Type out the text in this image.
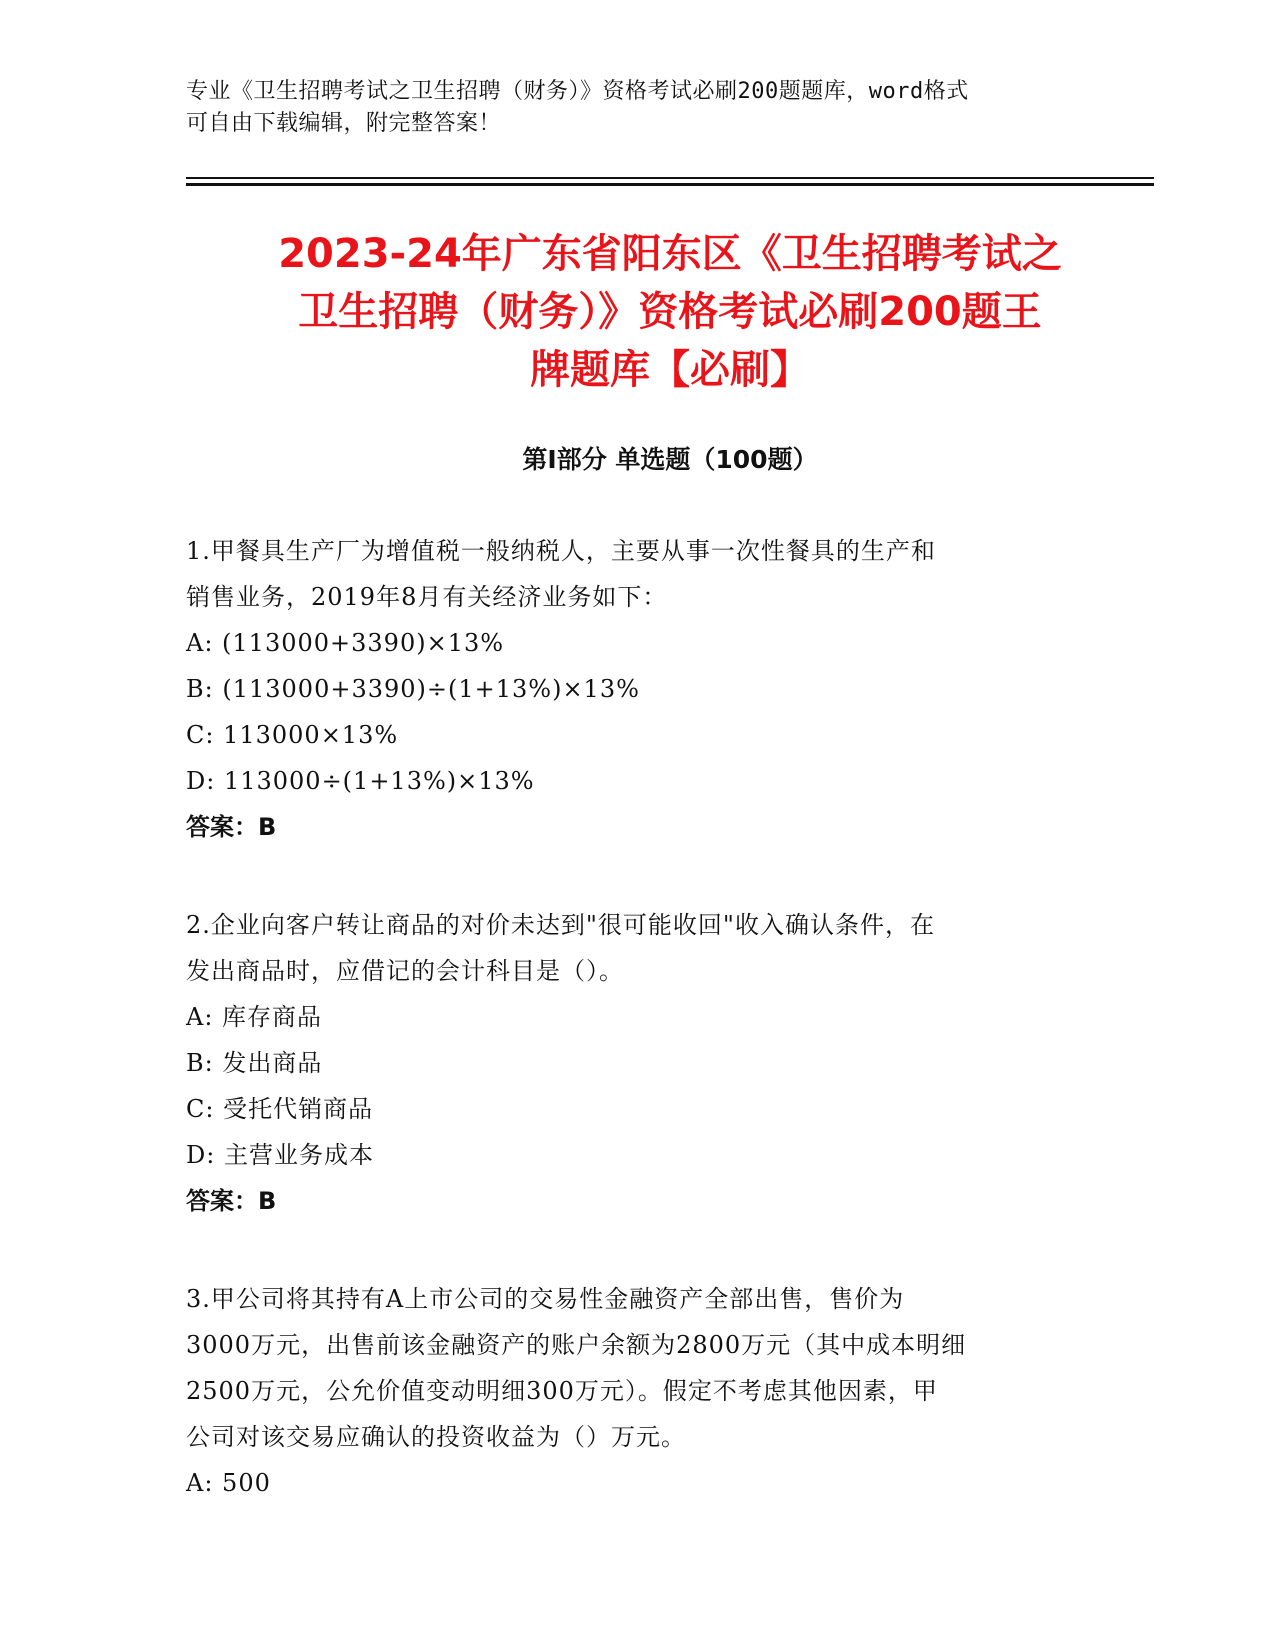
专业《卫生招聘考试之卫生招聘（财务）》资格考试必刷200题题库，word格式
可自由下载编辑，附完整答案！
2023-24年广东省阳东区《卫生招聘考试之
卫生招聘（财务）》资格考试必刷200题王
牌题库【必刷】
第Ⅰ部分 单选题（100题）
1.甲餐具生产厂为增值税一般纳税人，主要从事一次性餐具的生产和
销售业务，2019年8月有关经济业务如下：
A: (113000+3390)×13%
B: (113000+3390)÷(1+13%)×13%
C: 113000×13%
D: 113000÷(1+13%)×13%
答案：B
2.企业向客户转让商品的对价未达到"很可能收回"收入确认条件，在
发出商品时，应借记的会计科目是（）。
A: 库存商品
B: 发出商品
C: 受托代销商品
D: 主营业务成本
答案：B
3.甲公司将其持有A上市公司的交易性金融资产全部出售，售价为
3000万元，出售前该金融资产的账户余额为2800万元（其中成本明细
2500万元，公允价值变动明细300万元）。假定不考虑其他因素，甲
公司对该交易应确认的投资收益为（）万元。
A: 500
